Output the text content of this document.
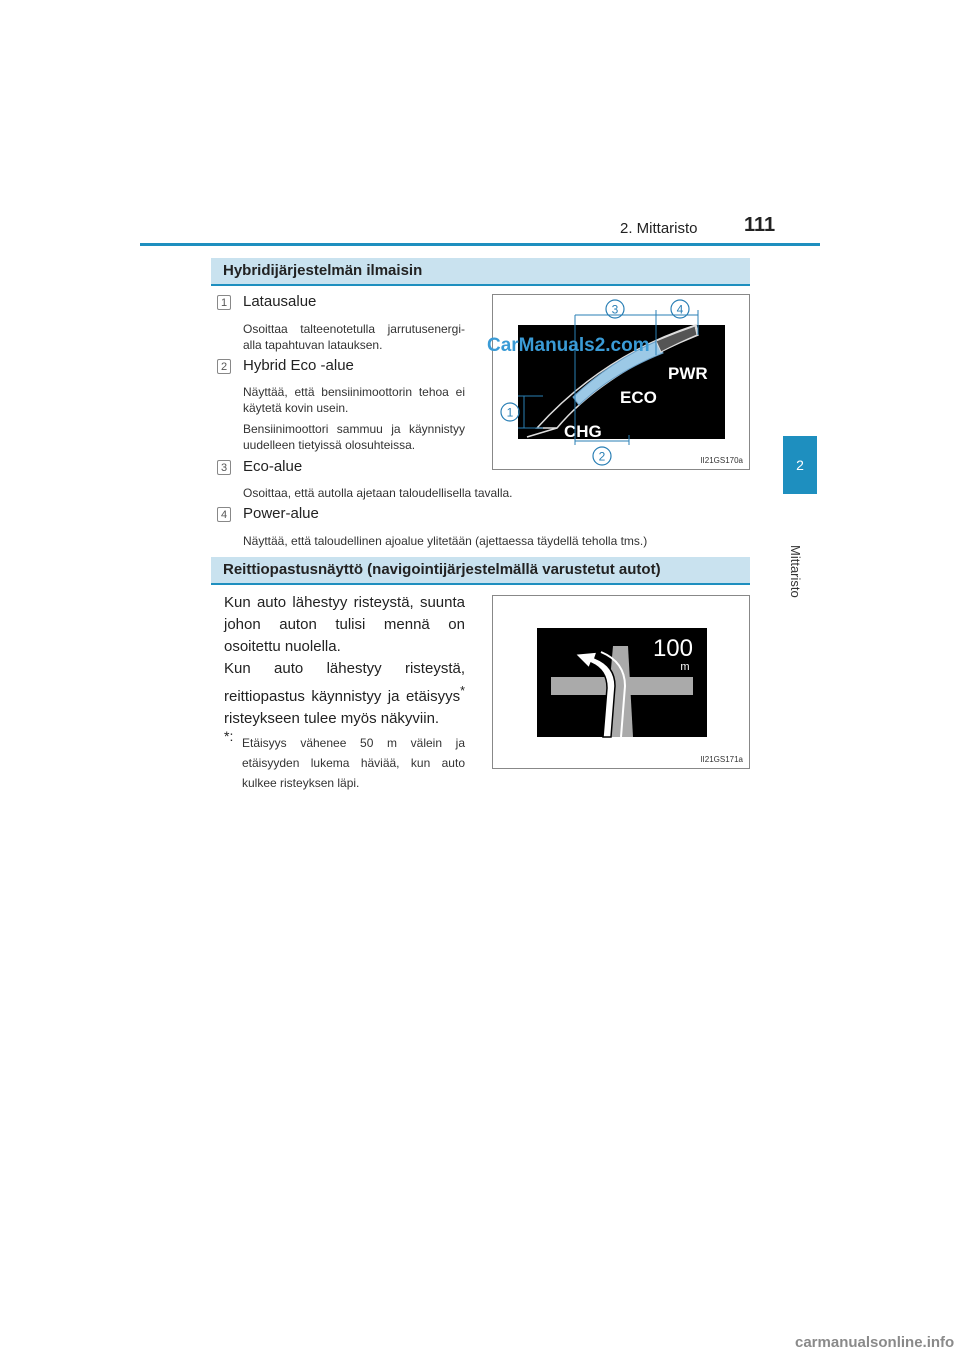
2. Mittaristo 111
2
Mittaristo
Hybridijärjestelmän ilmaisin
1 Latausalue
Osoittaa talteenotetulla jarrutusenergi-alla tapahtuvan latauksen.
2 Hybrid Eco -alue
Näyttää, että bensiinimoottorin tehoa ei käytetä kovin usein.
Bensiinimoottori sammuu ja käynnistyy uudelleen tietyissä olosuhteissa.
3 Eco-alue
Osoittaa, että autolla ajetaan taloudellisella tavalla.
4 Power-alue
Näyttää, että taloudellinen ajoalue ylitetään (ajettaessa täydellä teholla tms.)
PWR
ECO
CHG
3	4
1
2
CarManuals2.com
II21GS170a
Reittiopastusnäyttö (navigointijärjestelmällä varustetut autot)
Kun auto lähestyy risteystä, suunta johon auton tulisi mennä on osoitettu nuolella.
Kun auto lähestyy risteystä, reittiopastus käynnistyy ja etäisyys* risteykseen tulee myös näkyviin.
*: Etäisyys vähenee 50 m välein ja etäisyyden lukema häviää, kun auto kulkee risteyksen läpi.
100
m
II21GS171a
carmanualsonline.info
